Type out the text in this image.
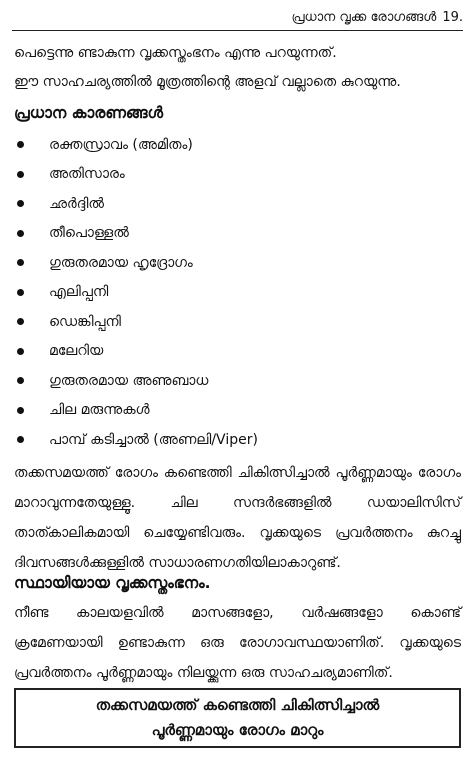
പ്രധാന വൃക്ക രോഗങ്ങൾ 19.

പെട്ടെന്നു ണ്ടാകുന്ന വൃക്കസ്തംഭനം എന്നു പറയുന്നത്.

ഈ സാഹചര്യത്തിൽ മൂത്രത്തിന്റെ അളവ് വല്ലാതെ കുറയുന്നു.

പ്രധാന കാരണങ്ങൾ
രക്തസ്രാവം (അമിതം)
അതിസാരം
ഛർദ്ദിൽ
തീപൊള്ളൽ
ഗുരുതരമായ ഹൃദ്രോഗം
എലിപ്പനി
ഡെങ്കിപ്പനി
മലേറിയ
ഗുരുതരമായ അണുബാധ
ചില മരുന്നുകൾ
പാമ്പ് കടിച്ചാൽ (അണലി/Viper)

തക്കസമയത്ത് രോഗം കണ്ടെത്തി ചികിത്സിച്ചാൽ പൂർണ്ണമായും രോഗം മാറാവുന്നതേയുള്ളൂ. ചില സന്ദർഭങ്ങളിൽ ഡയാലിസിസ് താത്കാലികമായി ചെയ്യേണ്ടിവരും. വൃക്കയുടെ പ്രവർത്തനം കുറച്ചു ദിവസങ്ങൾക്കുള്ളിൽ സാധാരണഗതിയിലാകാറുണ്ട്.

സ്ഥായിയായ വൃക്കസ്തംഭനം.

നീണ്ട കാലയളവിൽ മാസങ്ങളോ, വർഷങ്ങളോ കൊണ്ട് ക്രമേണയായി ഉണ്ടാകുന്ന ഒരു രോഗാവസ്ഥയാണിത്. വൃക്കയുടെ പ്രവർത്തനം പൂർണ്ണമായും നിലയ്ക്കുന്ന ഒരു സാഹചര്യമാണിത്.

തക്കസമയത്ത് കണ്ടെത്തി ചികിത്സിച്ചാൽ
പൂർണ്ണമായും രോഗം മാറും
